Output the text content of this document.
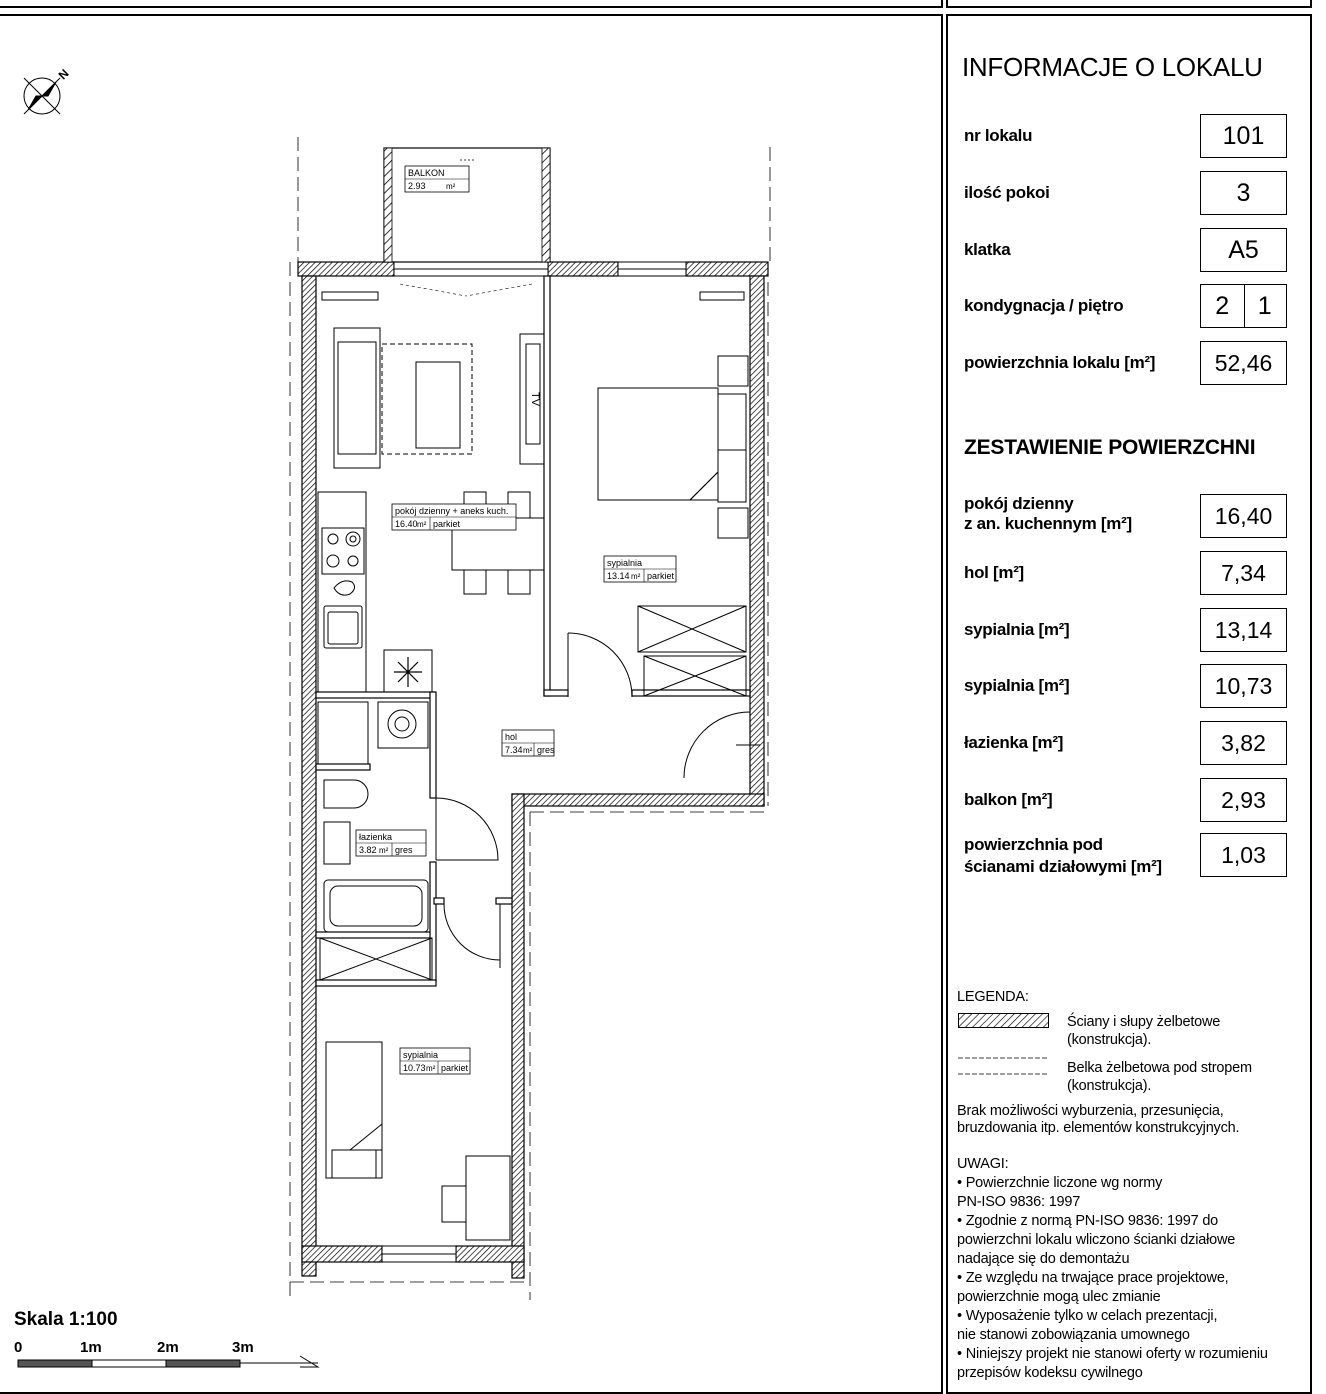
N
BALKON
2.93	m²
TV
pokój dzienny + aneks kuch.
16.40 m² parkiet
sypialnia
13.14 m² parkiet
hol
7.34 m² gres
łazienka
3.82 m² gres
sypialnia
10.73 m² parkiet
Skala 1:100
0	1m	2m	3m
INFORMACJE O LOKALU
nr lokalu	101
ilość pokoi	3
klatka	A5
kondygnacja / piętro	2	1
powierzchnia lokalu [m²]	52,46
ZESTAWIENIE POWIERZCHNI
pokój dzienny
z an. kuchennym [m²]	16,40
hol [m²]	7,34
sypialnia [m²]	13,14
sypialnia [m²]	10,73
łazienka [m²]	3,82
balkon [m²]	2,93
powierzchnia pod
ścianami działowymi [m²]	1,03
LEGENDA:
Ściany i słupy żelbetowe
(konstrukcja).
Belka żelbetowa pod stropem
(konstrukcja).
Brak możliwości wyburzenia, przesunięcia,
bruzdowania itp. elementów konstrukcyjnych.
UWAGI:
• Powierzchnie liczone wg normy
PN-ISO 9836: 1997
• Zgodnie z normą PN-ISO 9836: 1997 do
powierzchni lokalu wliczono ścianki działowe
nadające się do demontażu
• Ze względu na trwające prace projektowe,
powierzchnie mogą ulec zmianie
• Wyposażenie tylko w celach prezentacji,
nie stanowi zobowiązania umownego
• Niniejszy projekt nie stanowi oferty w rozumieniu
przepisów kodeksu cywilnego
